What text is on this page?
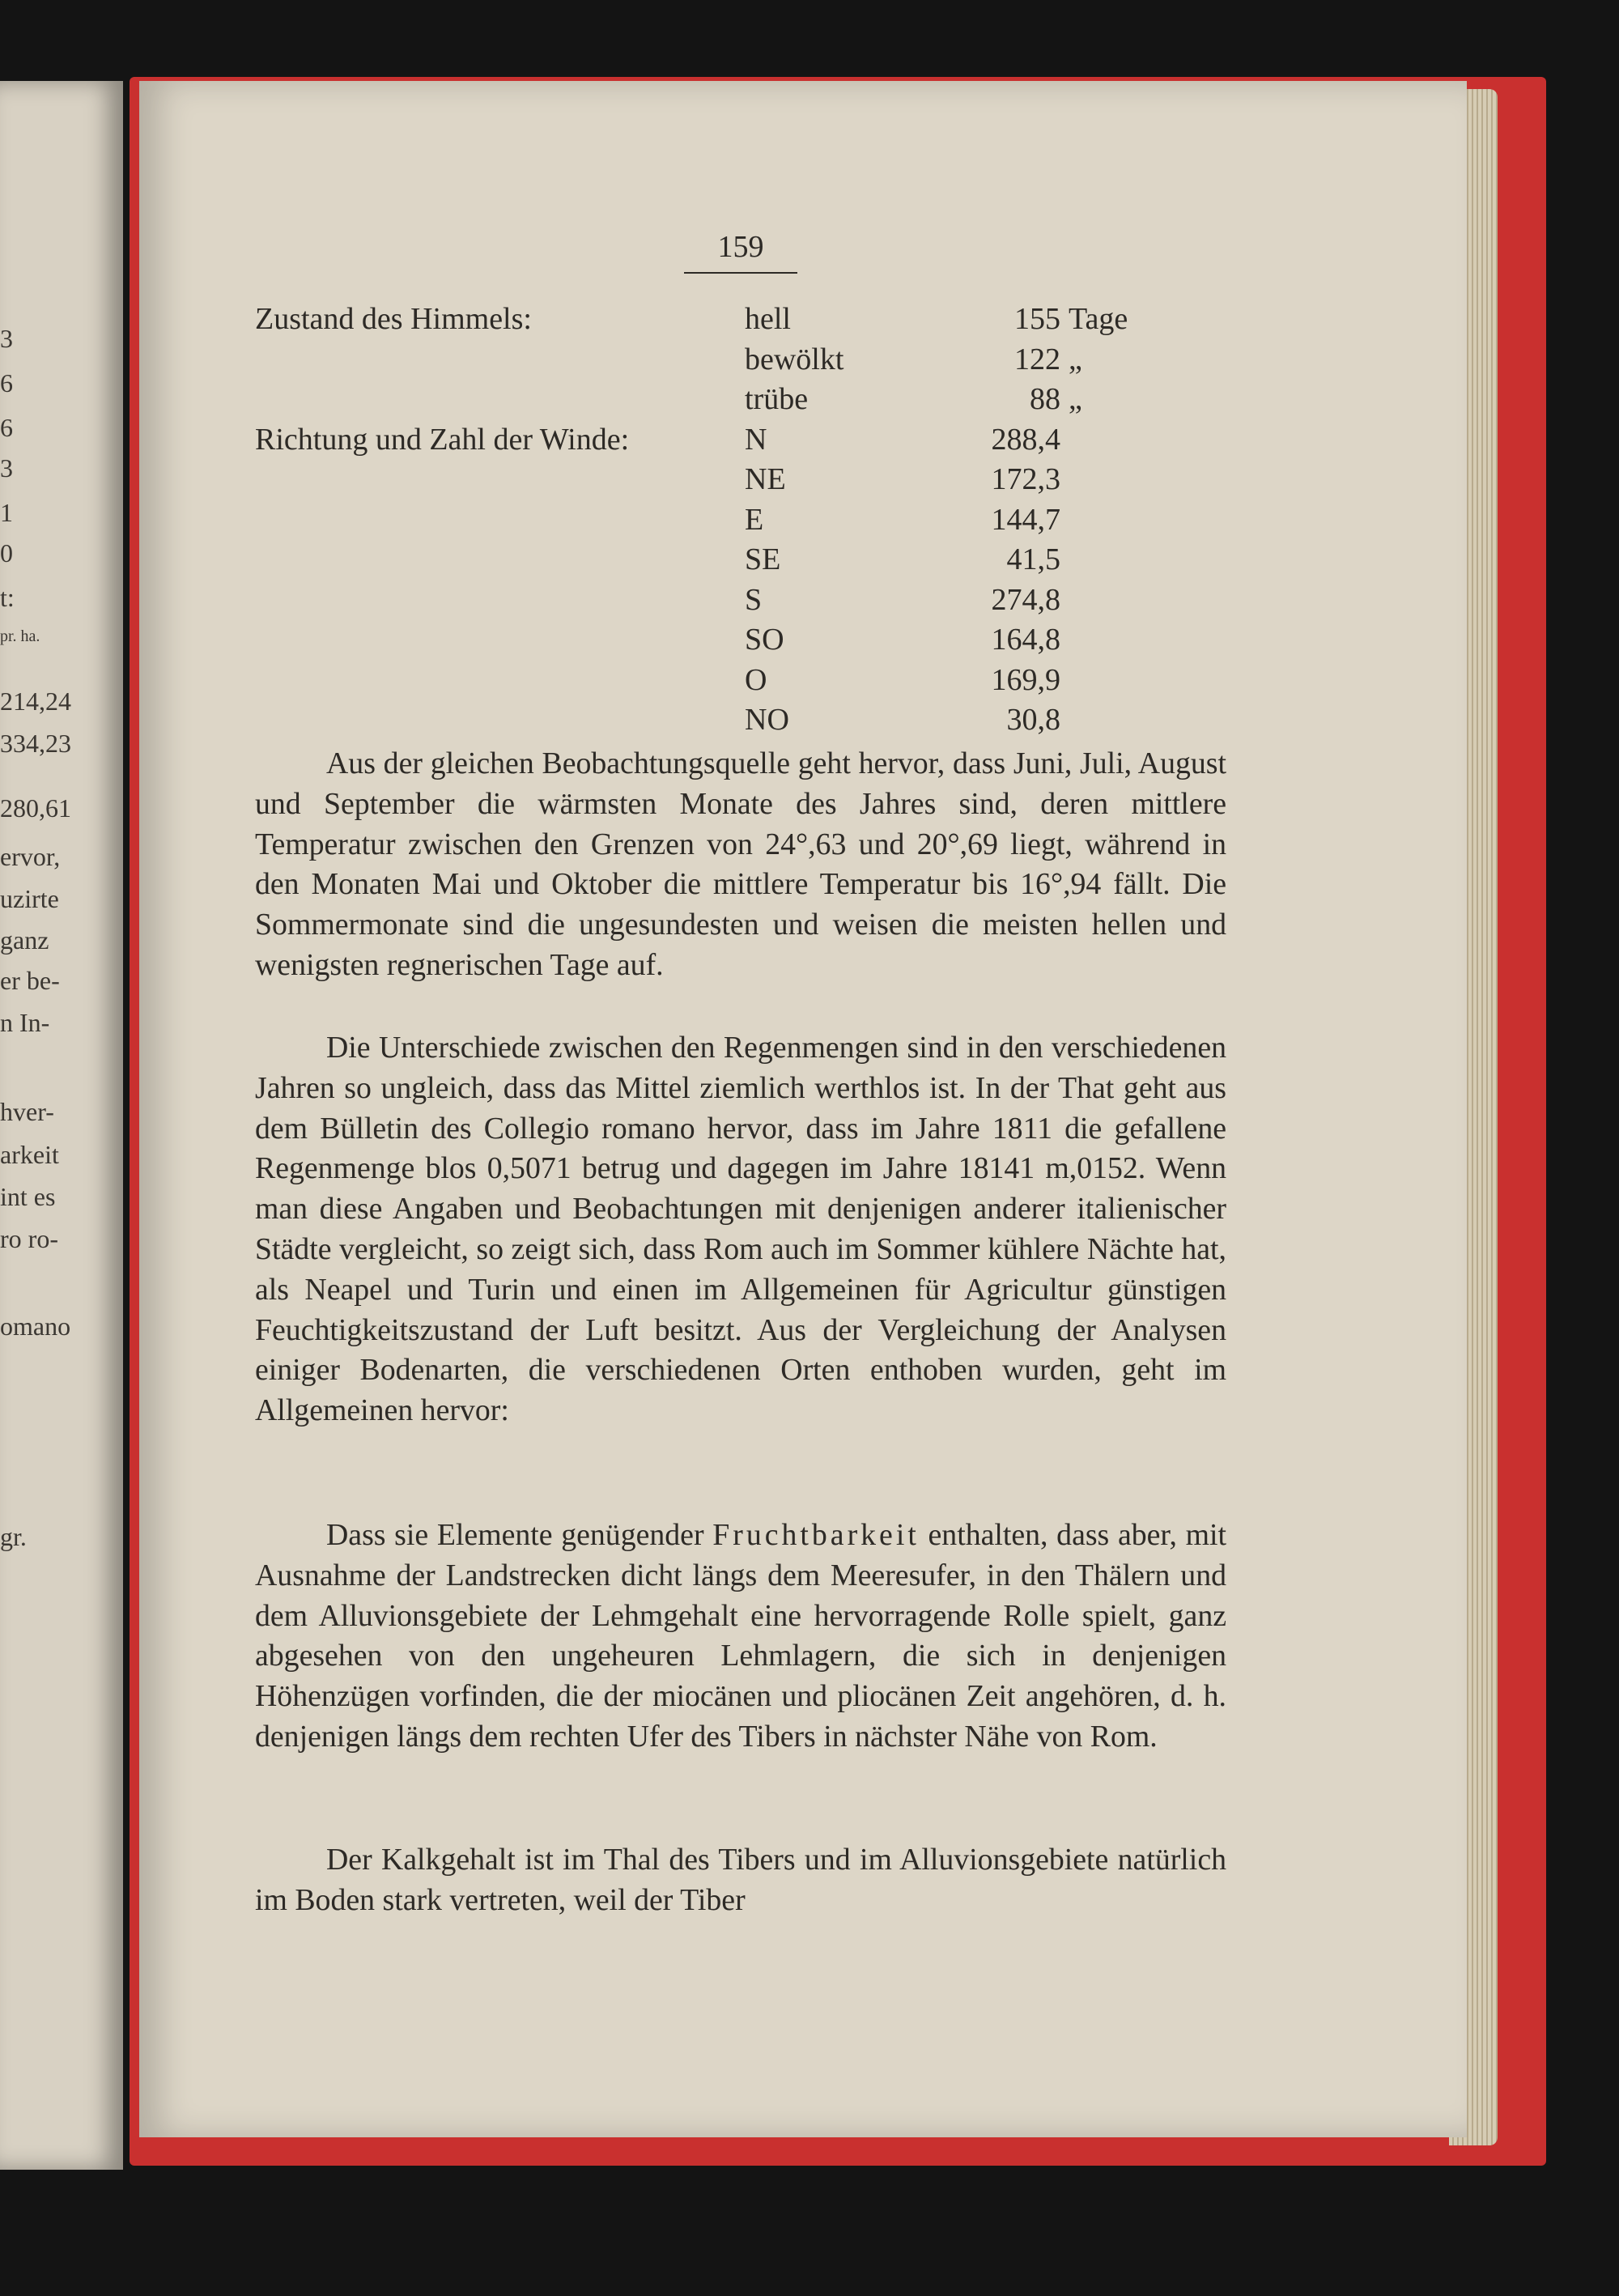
3
6
6
3
1
0
t:
pr. ha.
214,24
334,23
280,61
ervor,
uzirte
ganz
er be-
n In-
hver-
arkeit
int es
ro ro-
omano
gr.
159
Zustand des Himmels:	hell	155 Tage
bewölkt	122 „
trübe	88 „
Richtung und Zahl der Winde:	N	288,4
NE	172,3
E	144,7
SE	41,5
S	274,8
SO	164,8
O	169,9
NO	30,8

Aus der gleichen Beobachtungsquelle geht hervor, dass Juni, Juli, August und September die wärmsten Monate des Jahres sind, deren mittlere Temperatur zwischen den Grenzen von 24°,63 und 20°,69 liegt, während in den Monaten Mai und Oktober die mittlere Temperatur bis 16°,94 fällt. Die Sommermonate sind die ungesundesten und weisen die meisten hellen und wenigsten regnerischen Tage auf.

Die Unterschiede zwischen den Regenmengen sind in den verschiedenen Jahren so ungleich, dass das Mittel ziemlich werthlos ist. In der That geht aus dem Bülletin des Collegio romano hervor, dass im Jahre 1811 die gefallene Regenmenge blos 0,5071 betrug und dagegen im Jahre 18141 m,0152. Wenn man diese Angaben und Beobachtungen mit denjenigen anderer italienischer Städte vergleicht, so zeigt sich, dass Rom auch im Sommer kühlere Nächte hat, als Neapel und Turin und einen im Allgemeinen für Agricultur günstigen Feuchtigkeitszustand der Luft besitzt. Aus der Vergleichung der Analysen einiger Bodenarten, die verschiedenen Orten enthoben wurden, geht im Allgemeinen hervor:

Dass sie Elemente genügender Fruchtbarkeit enthalten, dass aber, mit Ausnahme der Landstrecken dicht längs dem Meeresufer, in den Thälern und dem Alluvionsgebiete der Lehmgehalt eine hervorragende Rolle spielt, ganz abgesehen von den ungeheuren Lehmlagern, die sich in denjenigen Höhenzügen vorfinden, die der miocänen und pliocänen Zeit angehören, d. h. denjenigen längs dem rechten Ufer des Tibers in nächster Nähe von Rom.

Der Kalkgehalt ist im Thal des Tibers und im Alluvionsgebiete natürlich im Boden stark vertreten, weil der Tiber
